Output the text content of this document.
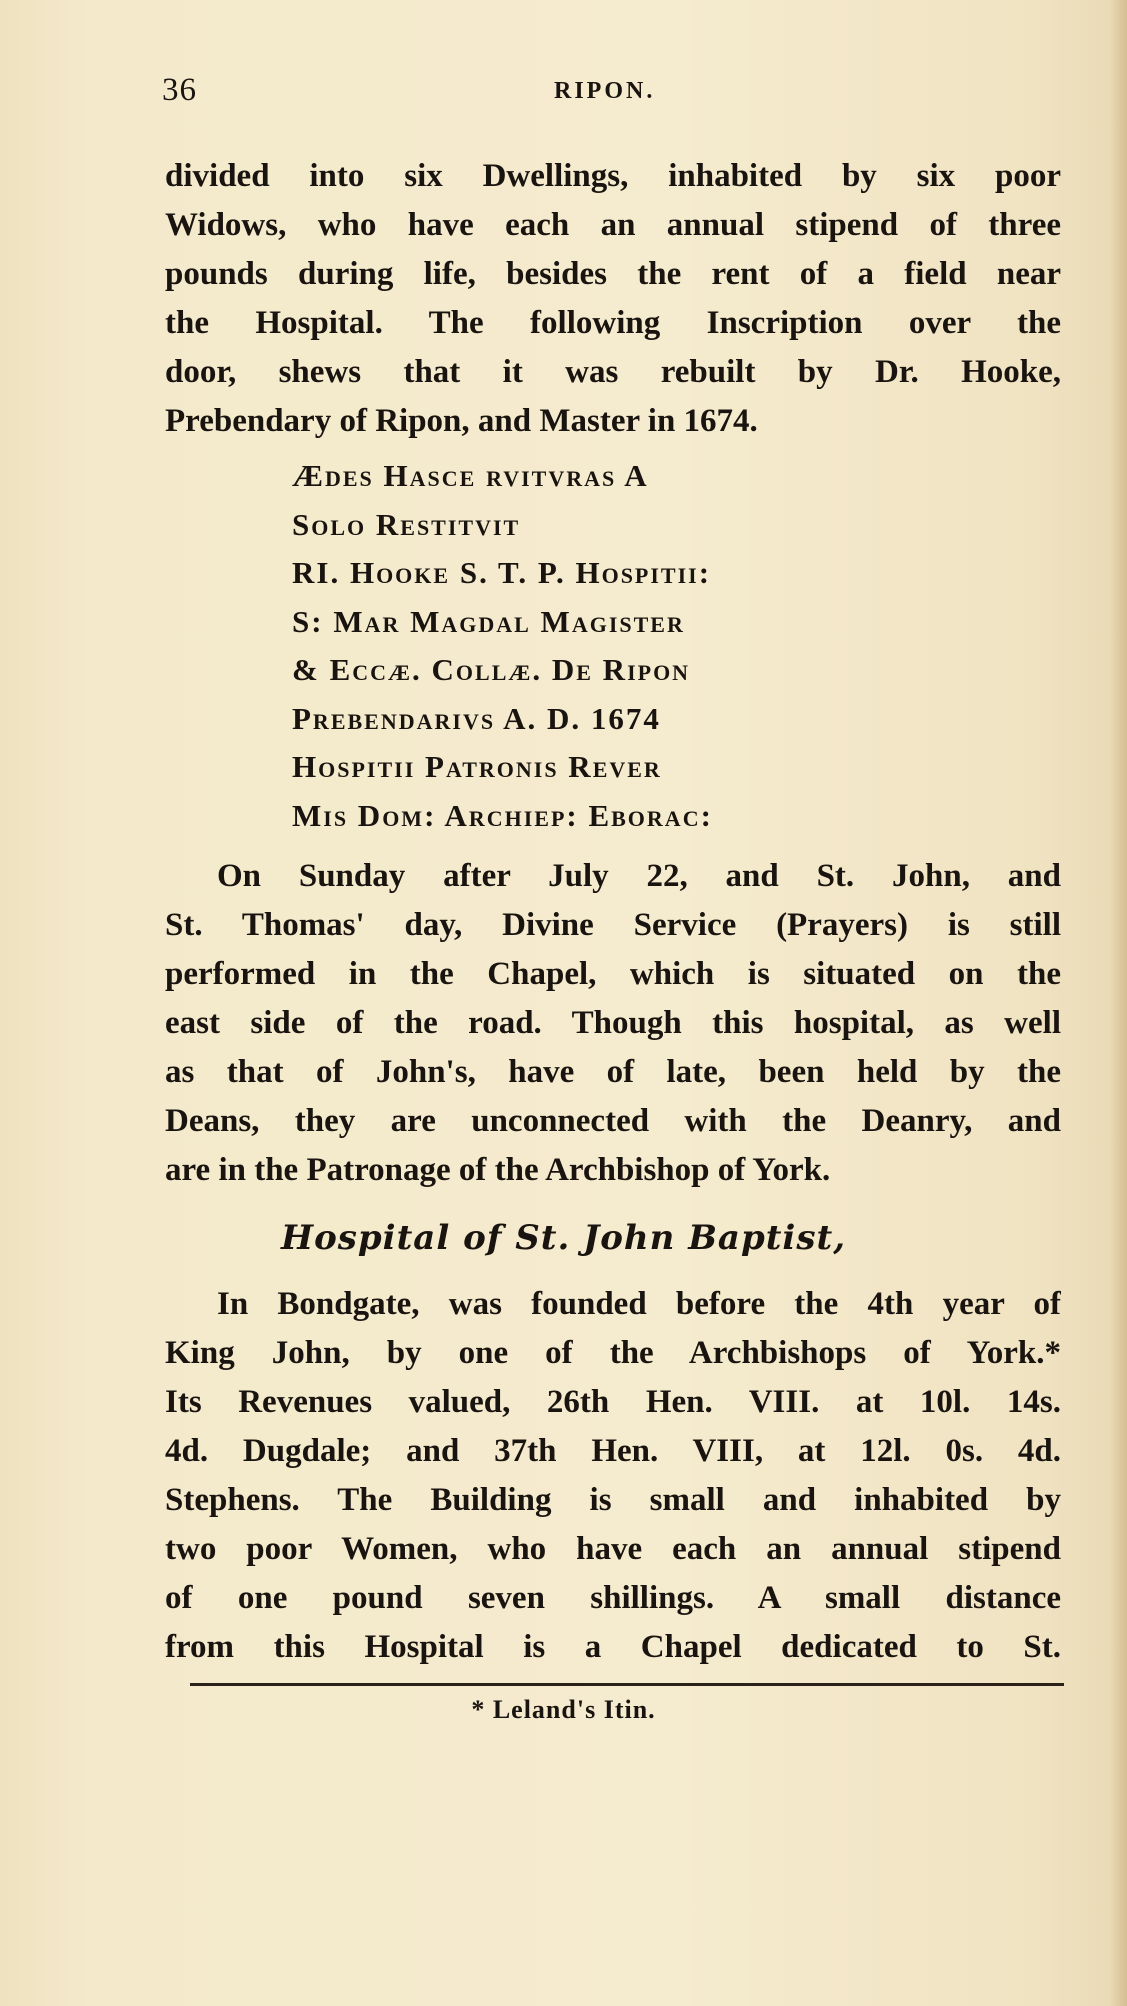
36	RIPON.
divided into six Dwellings, inhabited by six poor
Widows, who have each an annual stipend of three
pounds during life, besides the rent of a field near
the Hospital. The following Inscription over the
door, shews that it was rebuilt by Dr. Hooke,
Prebendary of Ripon, and Master in 1674.
Ædes Hasce rvitvras A
Solo Restitvit
RI. Hooke S. T. P. Hospitii:
S: Mar Magdal Magister
& Eccæ. Collæ. De Ripon
Prebendarivs A. D. 1674
Hospitii Patronis Rever
Mis Dom: Archiep: Eborac:
On Sunday after July 22, and St. John, and
St. Thomas' day, Divine Service (Prayers) is still
performed in the Chapel, which is situated on the
east side of the road. Though this hospital, as well
as that of John's, have of late, been held by the
Deans, they are unconnected with the Deanry, and
are in the Patronage of the Archbishop of York.
Hospital of St. John Baptist,
In Bondgate, was founded before the 4th year of
King John, by one of the Archbishops of York.*
Its Revenues valued, 26th Hen. VIII. at 10l. 14s.
4d. Dugdale; and 37th Hen. VIII, at 12l. 0s. 4d.
Stephens. The Building is small and inhabited by
two poor Women, who have each an annual stipend
of one pound seven shillings. A small distance
from this Hospital is a Chapel dedicated to St.
* Leland's Itin.
